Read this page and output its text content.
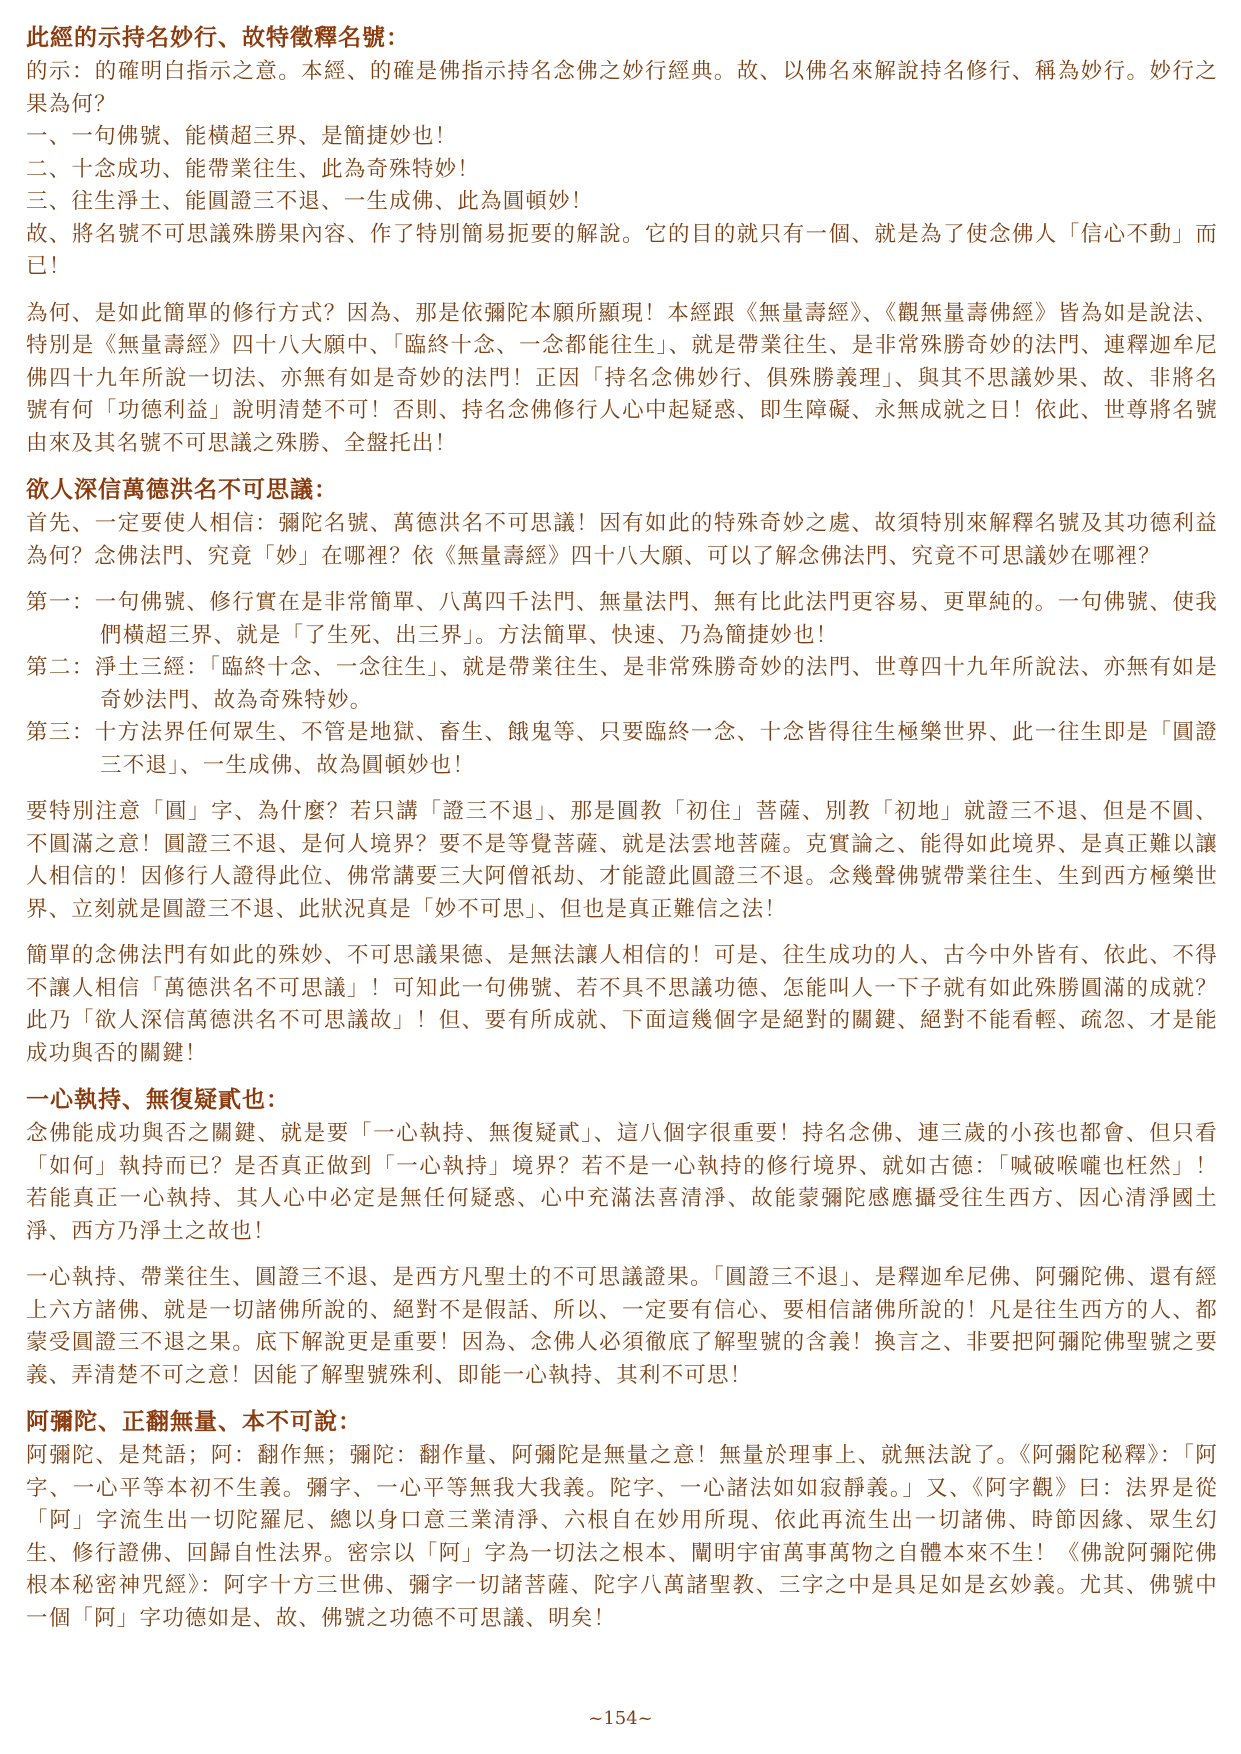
此經的示持名妙行、故特徵釋名號：
的示：的確明白指示之意。本經、的確是佛指示持名念佛之妙行經典。故、以佛名來解說持名修行、稱為妙行。妙行之果為何？
一、一句佛號、能橫超三界、是簡捷妙也！
二、十念成功、能帶業往生、此為奇殊特妙！
三、往生淨土、能圓證三不退、一生成佛、此為圓頓妙！
故、將名號不可思議殊勝果內容、作了特別簡易扼要的解說。它的目的就只有一個、就是為了使念佛人「信心不動」而已！
為何、是如此簡單的修行方式？因為、那是依彌陀本願所顯現！本經跟《無量壽經》、《觀無量壽佛經》皆為如是說法、特別是《無量壽經》四十八大願中、「臨終十念、一念都能往生」、就是帶業往生、是非常殊勝奇妙的法門、連釋迦牟尼佛四十九年所說一切法、亦無有如是奇妙的法門！正因「持名念佛妙行、俱殊勝義理」、與其不思議妙果、故、非將名號有何「功德利益」說明清楚不可！否則、持名念佛修行人心中起疑惑、即生障礙、永無成就之日！依此、世尊將名號由來及其名號不可思議之殊勝、全盤托出！
欲人深信萬德洪名不可思議：
首先、一定要使人相信：彌陀名號、萬德洪名不可思議！因有如此的特殊奇妙之處、故須特別來解釋名號及其功德利益為何？念佛法門、究竟「妙」在哪裡？依《無量壽經》四十八大願、可以了解念佛法門、究竟不可思議妙在哪裡？
第一：一句佛號、修行實在是非常簡單、八萬四千法門、無量法門、無有比此法門更容易、更單純的。一句佛號、使我們橫超三界、就是「了生死、出三界」。方法簡單、快速、乃為簡捷妙也！
第二：淨土三經：「臨終十念、一念往生」、就是帶業往生、是非常殊勝奇妙的法門、世尊四十九年所說法、亦無有如是奇妙法門、故為奇殊特妙。
第三：十方法界任何眾生、不管是地獄、畜生、餓鬼等、只要臨終一念、十念皆得往生極樂世界、此一往生即是「圓證三不退」、一生成佛、故為圓頓妙也！
要特別注意「圓」字、為什麼？若只講「證三不退」、那是圓教「初住」菩薩、別教「初地」就證三不退、但是不圓、不圓滿之意！圓證三不退、是何人境界？要不是等覺菩薩、就是法雲地菩薩。克實論之、能得如此境界、是真正難以讓人相信的！因修行人證得此位、佛常講要三大阿僧祇劫、才能證此圓證三不退。念幾聲佛號帶業往生、生到西方極樂世界、立刻就是圓證三不退、此狀況真是「妙不可思」、但也是真正難信之法！
簡單的念佛法門有如此的殊妙、不可思議果德、是無法讓人相信的！可是、往生成功的人、古今中外皆有、依此、不得不讓人相信「萬德洪名不可思議」！可知此一句佛號、若不具不思議功德、怎能叫人一下子就有如此殊勝圓滿的成就？此乃「欲人深信萬德洪名不可思議故」！但、要有所成就、下面這幾個字是絕對的關鍵、絕對不能看輕、疏忽、才是能成功與否的關鍵！
一心執持、無復疑貳也：
念佛能成功與否之關鍵、就是要「一心執持、無復疑貳」、這八個字很重要！持名念佛、連三歲的小孩也都會、但只看「如何」執持而已？是否真正做到「一心執持」境界？若不是一心執持的修行境界、就如古德：「喊破喉嚨也枉然」！若能真正一心執持、其人心中必定是無任何疑惑、心中充滿法喜清淨、故能蒙彌陀感應攝受往生西方、因心清淨國土淨、西方乃淨土之故也！
一心執持、帶業往生、圓證三不退、是西方凡聖土的不可思議證果。「圓證三不退」、是釋迦牟尼佛、阿彌陀佛、還有經上六方諸佛、就是一切諸佛所說的、絕對不是假話、所以、一定要有信心、要相信諸佛所說的！凡是往生西方的人、都蒙受圓證三不退之果。底下解說更是重要！因為、念佛人必須徹底了解聖號的含義！換言之、非要把阿彌陀佛聖號之要義、弄清楚不可之意！因能了解聖號殊利、即能一心執持、其利不可思！
阿彌陀、正翻無量、本不可說：
阿彌陀、是梵語；阿：翻作無；彌陀：翻作量、阿彌陀是無量之意！無量於理事上、就無法說了。《阿彌陀秘釋》：「阿字、一心平等本初不生義。彌字、一心平等無我大我義。陀字、一心諸法如如寂靜義。」又、《阿字觀》曰：法界是從「阿」字流生出一切陀羅尼、總以身口意三業清淨、六根自在妙用所現、依此再流生出一切諸佛、時節因緣、眾生幻生、修行證佛、回歸自性法界。密宗以「阿」字為一切法之根本、闡明宇宙萬事萬物之自體本來不生！《佛說阿彌陀佛根本秘密神咒經》：阿字十方三世佛、彌字一切諸菩薩、陀字八萬諸聖教、三字之中是具足如是玄妙義。尤其、佛號中一個「阿」字功德如是、故、佛號之功德不可思議、明矣！
~154~
